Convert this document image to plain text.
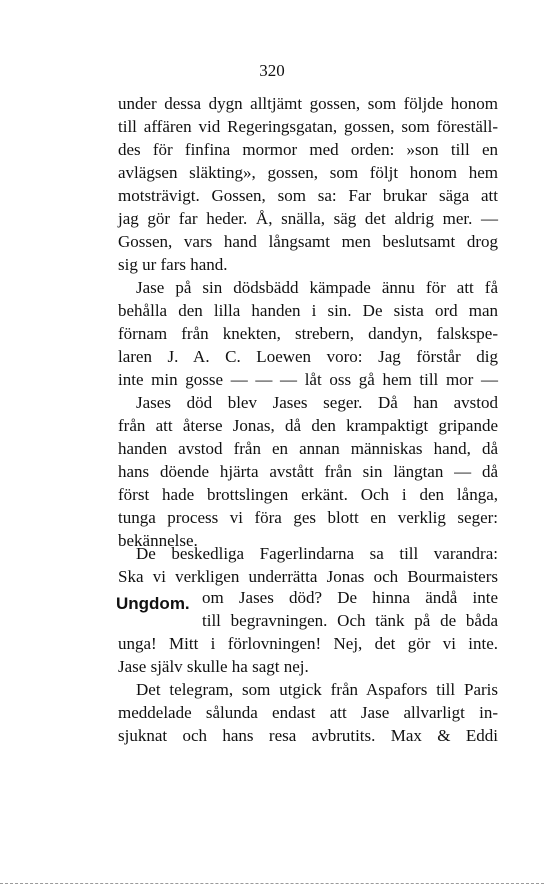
320
under dessa dygn alltjämt gossen, som följde honom
till affären vid Regeringsgatan, gossen, som föreställ-
des för finfina mormor med orden: »son till en
avlägsen släkting», gossen, som följt honom hem
motsträvigt. Gossen, som sa: Far brukar säga att
jag gör far heder. Å, snälla, säg det aldrig mer. —
Gossen, vars hand långsamt men beslutsamt drog
sig ur fars hand.
Jase på sin dödsbädd kämpade ännu för att få
behålla den lilla handen i sin. De sista ord man
förnam från knekten, strebern, dandyn, falskspe-
laren J. A. C. Loewen voro: Jag förstår dig
inte min gosse — — — låt oss gå hem till mor —
Jases död blev Jases seger. Då han avstod
från att återse Jonas, då den krampaktigt gripande
handen avstod från en annan människas hand, då
hans döende hjärta avstått från sin längtan — då
först hade brottslingen erkänt. Och i den långa,
tunga process vi föra ges blott en verklig seger:
bekännelse.
Ungdom.
De beskedliga Fagerlindarna sa till varandra:
Ska vi verkligen underrätta Jonas och Bourmaisters
om Jases död? De hinna ändå inte
till begravningen. Och tänk på de båda
unga! Mitt i förlovningen! Nej, det gör vi inte.
Jase själv skulle ha sagt nej.
Det telegram, som utgick från Aspafors till Paris
meddelade sålunda endast att Jase allvarligt in-
sjuknat och hans resa avbrutits. Max & Eddi
